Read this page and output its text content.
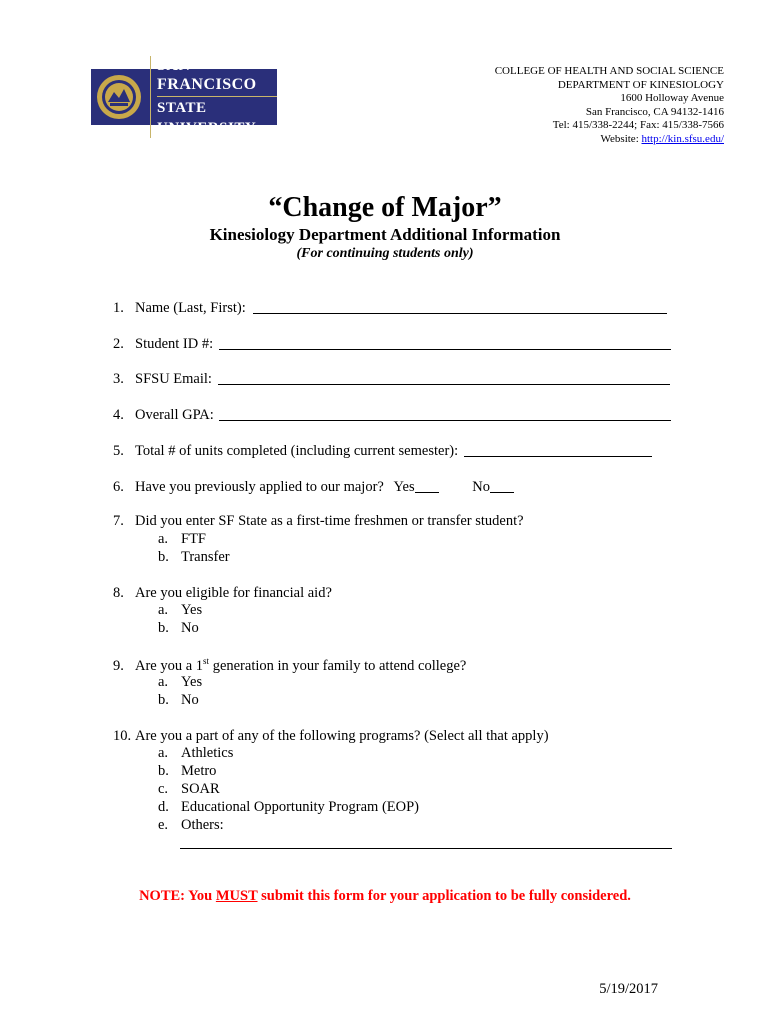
SAN FRANCISCO
STATE UNIVERSITY
COLLEGE OF HEALTH AND SOCIAL SCIENCE
DEPARTMENT OF KINESIOLOGY
1600 Holloway Avenue
San Francisco, CA 94132-1416
Tel: 415/338-2244; Fax: 415/338-7566
Website: http://kin.sfsu.edu/
“Change of Major”
Kinesiology Department Additional Information
(For continuing students only)
1. Name (Last, First):
2. Student ID #:
3. SFSU Email:
4. Overall GPA:
5. Total # of units completed (including current semester):
6. Have you previously applied to our major? Yes	No
7. Did you enter SF State as a first-time freshmen or transfer student?
a. FTF
b. Transfer
8. Are you eligible for financial aid?
a. Yes
b. No
9. Are you a 1st generation in your family to attend college?
a. Yes
b. No
10. Are you a part of any of the following programs? (Select all that apply)
a. Athletics
b. Metro
c. SOAR
d. Educational Opportunity Program (EOP)
e. Others:
NOTE: You MUST submit this form for your application to be fully considered.
5/19/2017
